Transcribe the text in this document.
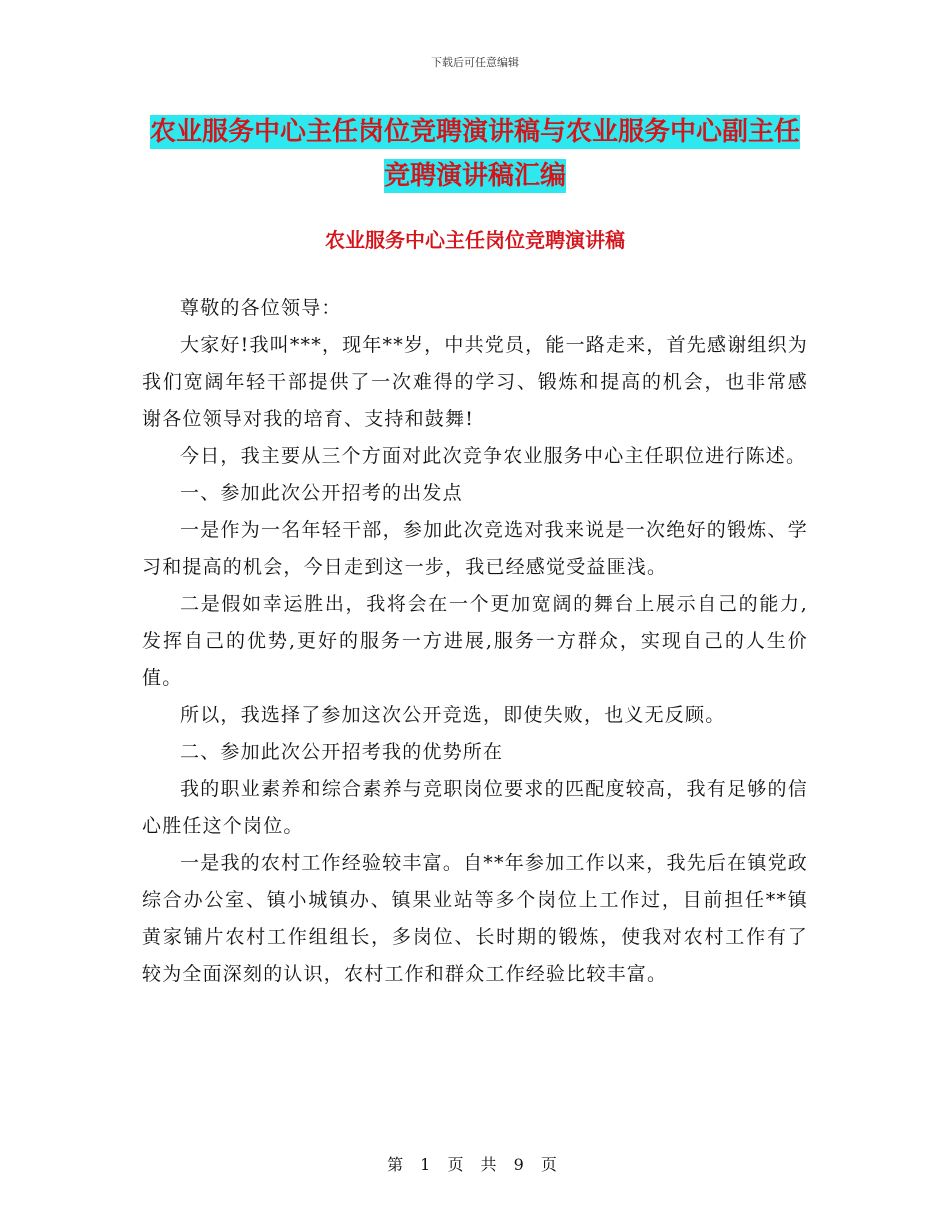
下载后可任意编辑
农业服务中心主任岗位竞聘演讲稿与农业服务中心副主任竞聘演讲稿汇编
农业服务中心主任岗位竞聘演讲稿

尊敬的各位领导：

大家好!我叫***，现年**岁，中共党员，能一路走来，首先感谢组织为我们宽阔年轻干部提供了一次难得的学习、锻炼和提高的机会，也非常感谢各位领导对我的培育、支持和鼓舞!

今日，我主要从三个方面对此次竞争农业服务中心主任职位进行陈述。

一、参加此次公开招考的出发点

一是作为一名年轻干部，参加此次竞选对我来说是一次绝好的锻炼、学习和提高的机会，今日走到这一步，我已经感觉受益匪浅。

二是假如幸运胜出，我将会在一个更加宽阔的舞台上展示自己的能力,发挥自己的优势,更好的服务一方进展,服务一方群众，实现自己的人生价值。

所以，我选择了参加这次公开竞选，即使失败，也义无反顾。

二、参加此次公开招考我的优势所在

我的职业素养和综合素养与竞职岗位要求的匹配度较高，我有足够的信心胜任这个岗位。

一是我的农村工作经验较丰富。自**年参加工作以来，我先后在镇党政综合办公室、镇小城镇办、镇果业站等多个岗位上工作过，目前担任**镇黄家铺片农村工作组组长，多岗位、长时期的锻炼，使我对农村工作有了较为全面深刻的认识，农村工作和群众工作经验比较丰富。

第 1 页 共 9 页
